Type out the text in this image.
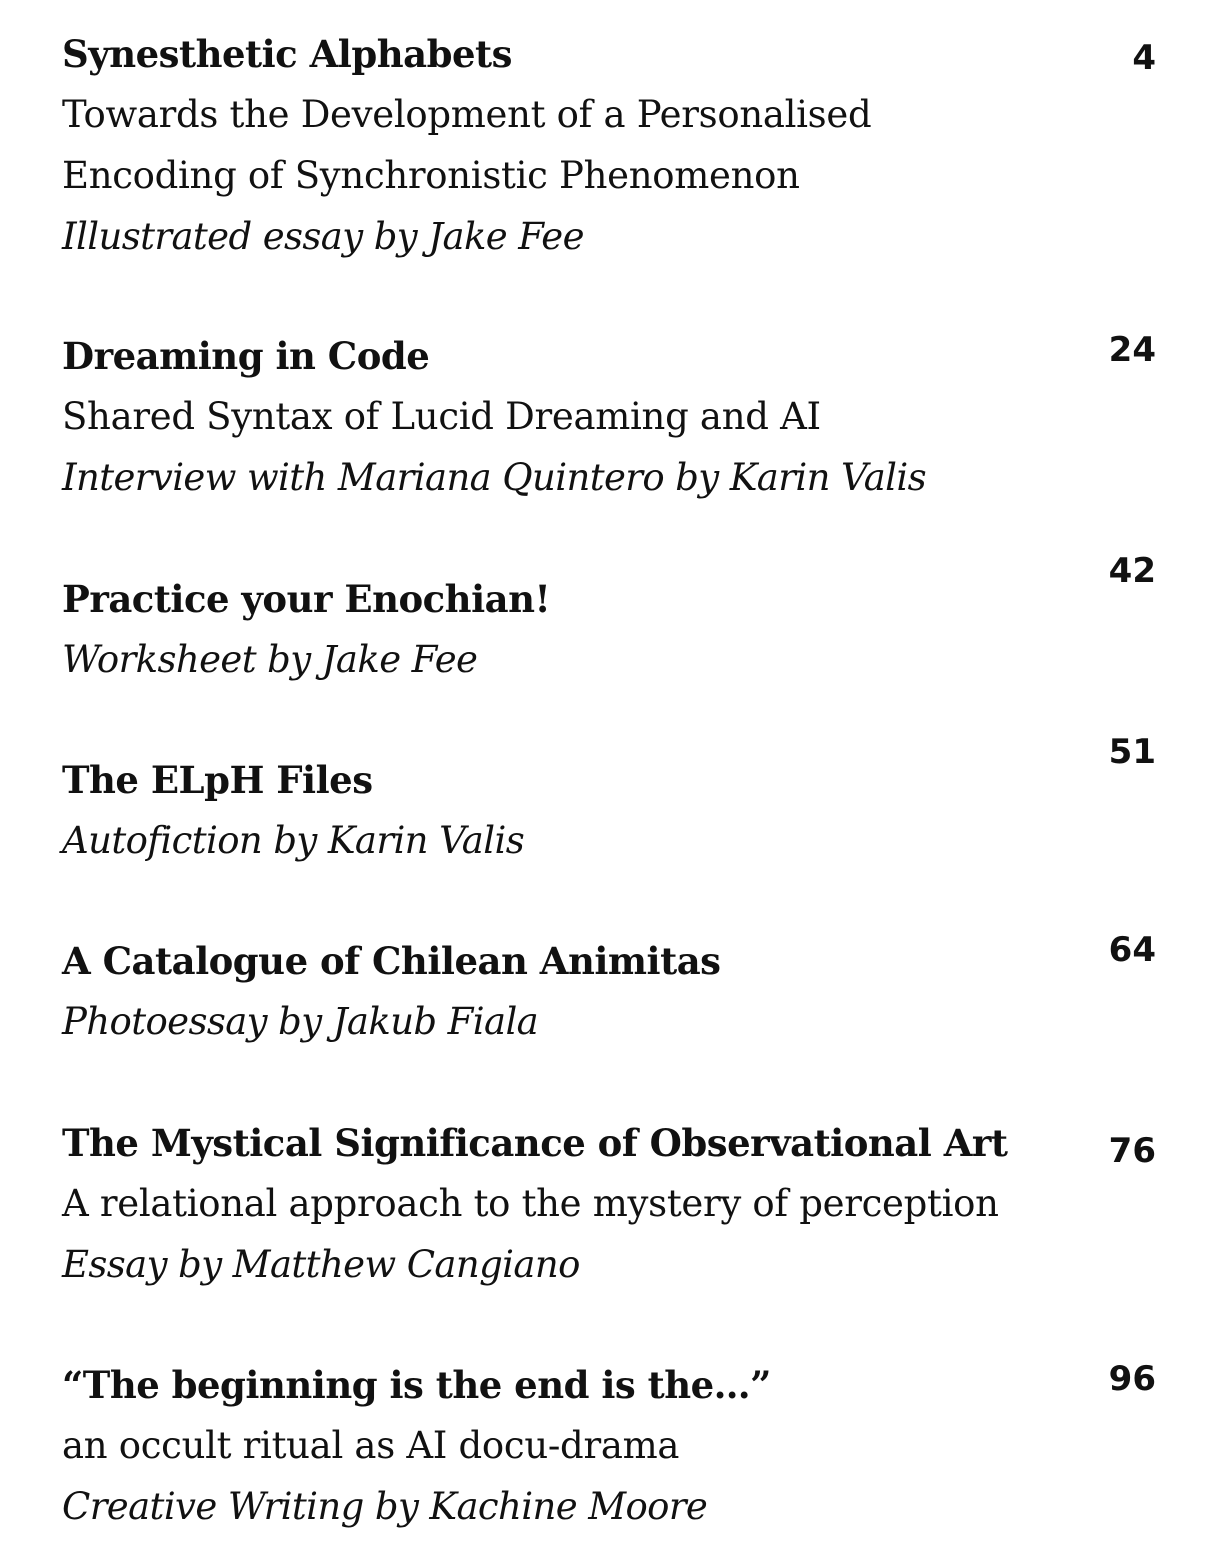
Synesthetic Alphabets
Towards the Development of a Personalised Encoding of Synchronistic Phenomenon
Illustrated essay by Jake Fee
4
Dreaming in Code
Shared Syntax of Lucid Dreaming and AI
Interview with Mariana Quintero by Karin Valis
24
Practice your Enochian!
Worksheet by Jake Fee
42
The ELpH Files
Autofiction by Karin Valis
51
A Catalogue of Chilean Animitas
Photoessay by Jakub Fiala
64
The Mystical Significance of Observational Art
A relational approach to the mystery of perception
Essay by Matthew Cangiano
76
“The beginning is the end is the…”
an occult ritual as AI docu-drama
Creative Writing by Kachine Moore
96
